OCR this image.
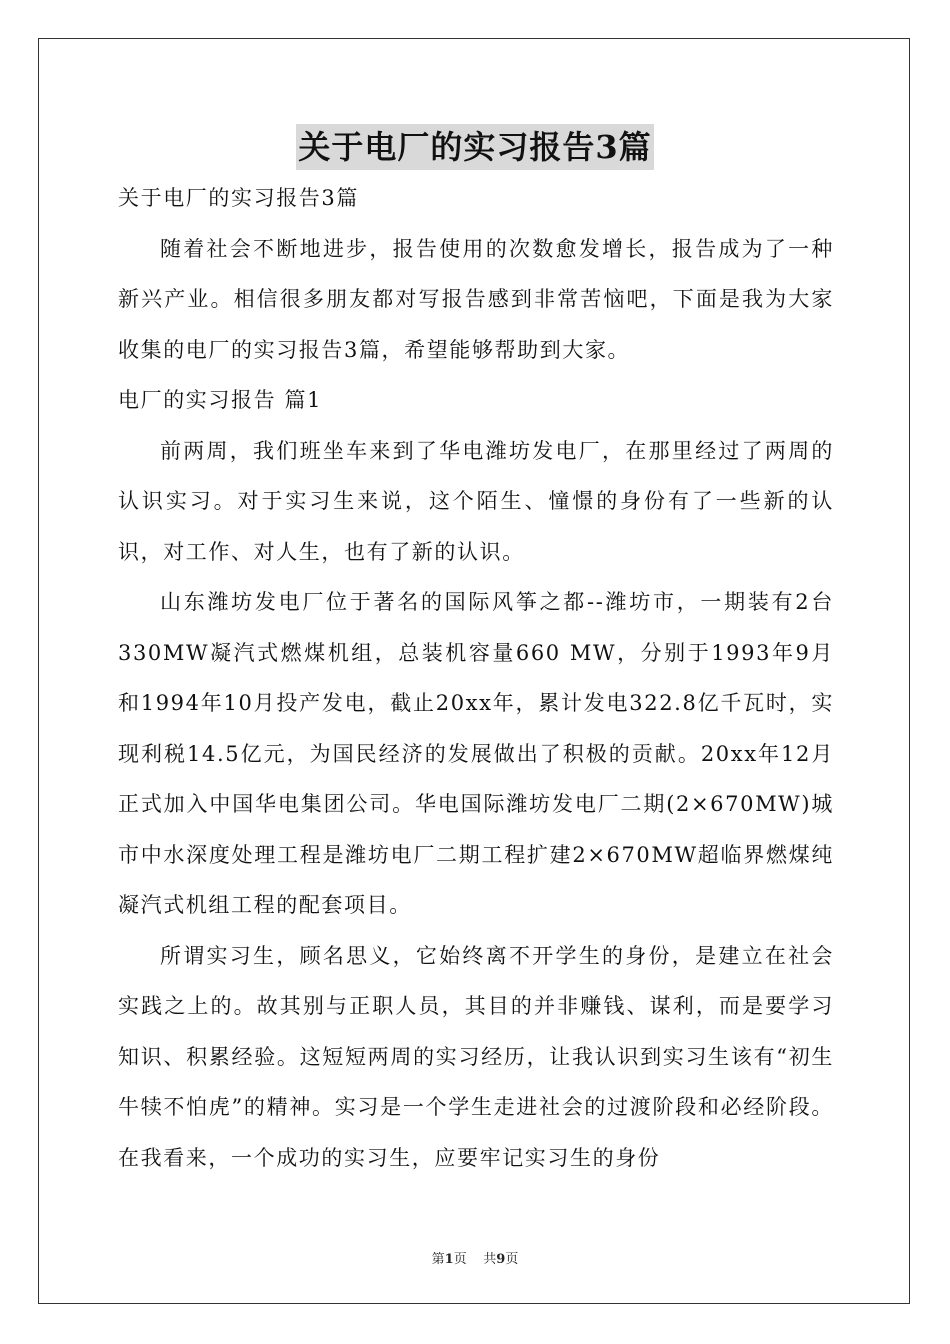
关于电厂的实习报告3篇

关于电厂的实习报告3篇

随着社会不断地进步，报告使用的次数愈发增长，报告成为了一种新兴产业。相信很多朋友都对写报告感到非常苦恼吧，下面是我为大家收集的电厂的实习报告3篇，希望能够帮助到大家。

电厂的实习报告 篇1

前两周，我们班坐车来到了华电潍坊发电厂，在那里经过了两周的认识实习。对于实习生来说，这个陌生、憧憬的身份有了一些新的认识，对工作、对人生，也有了新的认识。

山东潍坊发电厂位于著名的国际风筝之都--潍坊市，一期装有2台330MW凝汽式燃煤机组，总装机容量660 MW，分别于1993年9月和1994年10月投产发电，截止20xx年，累计发电322.8亿千瓦时，实现利税14.5亿元，为国民经济的发展做出了积极的贡献。20xx年12月正式加入中国华电集团公司。华电国际潍坊发电厂二期(2×670MW)城市中水深度处理工程是潍坊电厂二期工程扩建2×670MW超临界燃煤纯凝汽式机组工程的配套项目。

所谓实习生，顾名思义，它始终离不开学生的身份，是建立在社会实践之上的。故其别与正职人员，其目的并非赚钱、谋利，而是要学习知识、积累经验。这短短两周的实习经历，让我认识到实习生该有“初生牛犊不怕虎”的精神。实习是一个学生走进社会的过渡阶段和必经阶段。在我看来，一个成功的实习生，应要牢记实习生的身份

第1页 共9页
